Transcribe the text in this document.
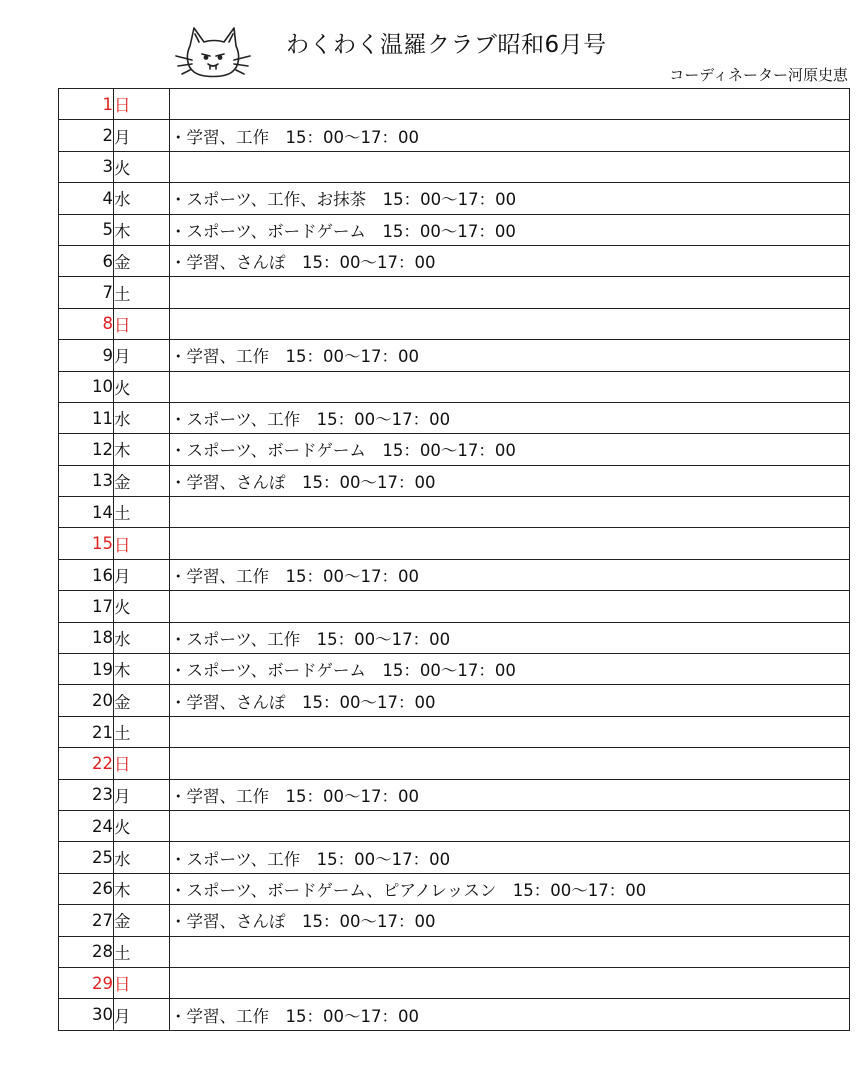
わくわく温羅クラブ昭和6月号
コーディネーター河原史恵
1	日	
2	月	・学習、工作　15：00〜17：00
3	火	
4	水	・スポーツ、工作、お抹茶　15：00〜17：00
5	木	・スポーツ、ボードゲーム　15：00〜17：00
6	金	・学習、さんぽ　15：00〜17：00
7	土	
8	日	
9	月	・学習、工作　15：00〜17：00
10	火	
11	水	・スポーツ、工作　15：00〜17：00
12	木	・スポーツ、ボードゲーム　15：00〜17：00
13	金	・学習、さんぽ　15：00〜17：00
14	土	
15	日	
16	月	・学習、工作　15：00〜17：00
17	火	
18	水	・スポーツ、工作　15：00〜17：00
19	木	・スポーツ、ボードゲーム　15：00〜17：00
20	金	・学習、さんぽ　15：00〜17：00
21	土	
22	日	
23	月	・学習、工作　15：00〜17：00
24	火	
25	水	・スポーツ、工作　15：00〜17：00
26	木	・スポーツ、ボードゲーム、ピアノレッスン　15：00〜17：00
27	金	・学習、さんぽ　15：00〜17：00
28	土	
29	日	
30	月	・学習、工作　15：00〜17：00
